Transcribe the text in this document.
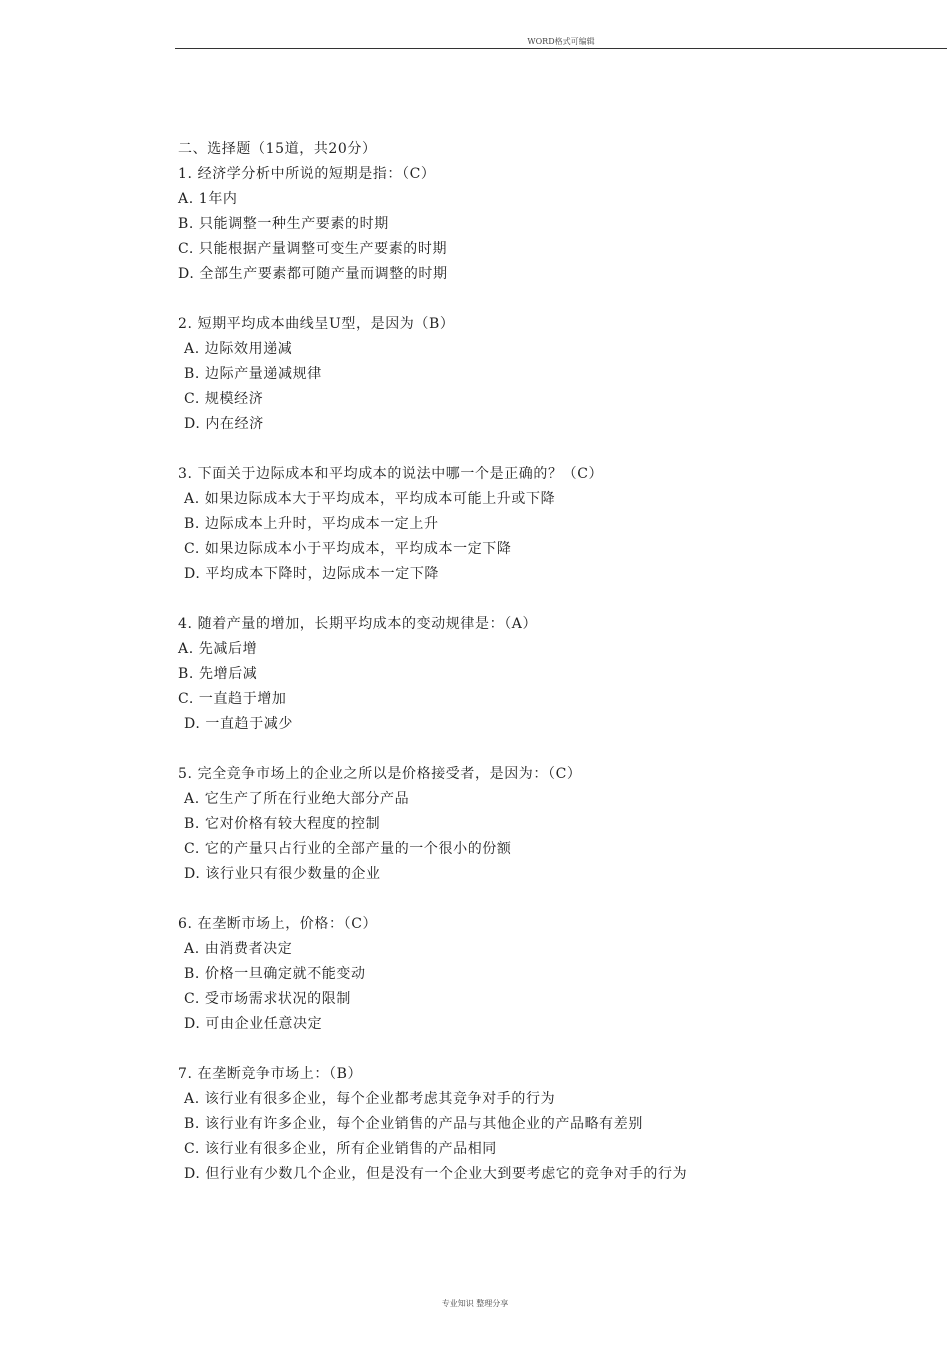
WORD格式可编辑
二、选择题（15道，共20分）
1. 经济学分析中所说的短期是指：（C）
A. 1年内
B. 只能调整一种生产要素的时期
C. 只能根据产量调整可变生产要素的时期
D. 全部生产要素都可随产量而调整的时期
2. 短期平均成本曲线呈U型，是因为（B）
A. 边际效用递减
B. 边际产量递减规律
C. 规模经济
D. 内在经济
3. 下面关于边际成本和平均成本的说法中哪一个是正确的？（C）
A. 如果边际成本大于平均成本，平均成本可能上升或下降
B. 边际成本上升时，平均成本一定上升
C. 如果边际成本小于平均成本，平均成本一定下降
D. 平均成本下降时，边际成本一定下降
4. 随着产量的增加，长期平均成本的变动规律是：（A）
A. 先减后增
B. 先增后减
C. 一直趋于增加
D. 一直趋于减少
5. 完全竞争市场上的企业之所以是价格接受者，是因为：（C）
A. 它生产了所在行业绝大部分产品
B. 它对价格有较大程度的控制
C. 它的产量只占行业的全部产量的一个很小的份额
D. 该行业只有很少数量的企业
6. 在垄断市场上，价格：（C）
A. 由消费者决定
B. 价格一旦确定就不能变动
C. 受市场需求状况的限制
D. 可由企业任意决定
7. 在垄断竞争市场上：（B）
A. 该行业有很多企业，每个企业都考虑其竞争对手的行为
B. 该行业有许多企业，每个企业销售的产品与其他企业的产品略有差别
C. 该行业有很多企业，所有企业销售的产品相同
D. 但行业有少数几个企业，但是没有一个企业大到要考虑它的竞争对手的行为
专业知识 整理分享
